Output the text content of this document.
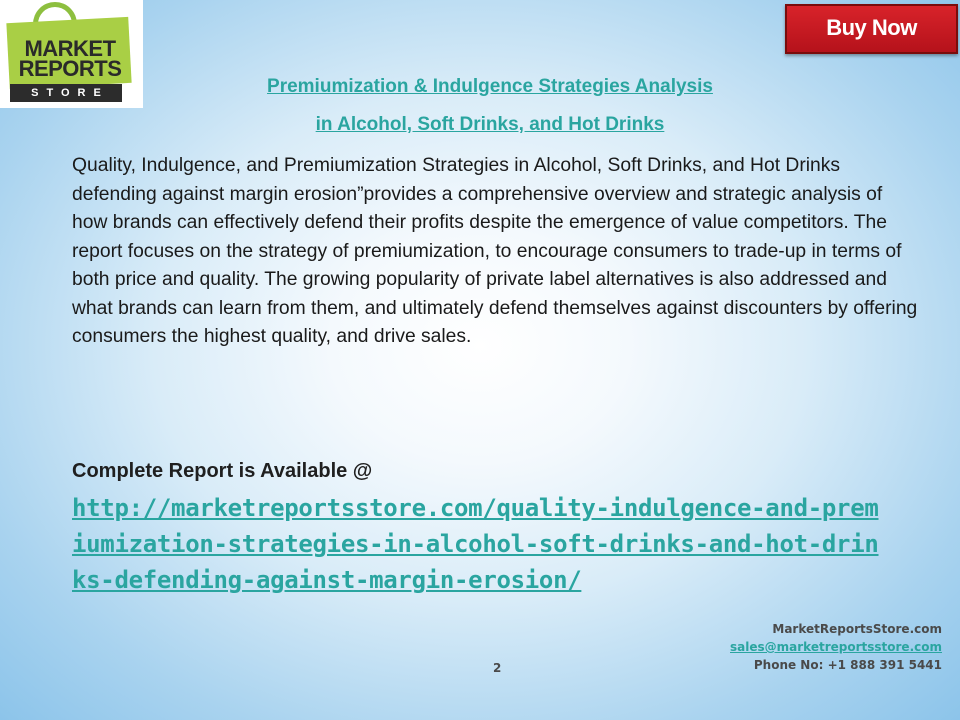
MARKET
REPORTS
STORE
Buy Now
Premiumization & Indulgence Strategies Analysis
in Alcohol, Soft Drinks, and Hot Drinks

Quality, Indulgence, and Premiumization Strategies in Alcohol, Soft Drinks, and Hot Drinks defending against margin erosion”provides a comprehensive overview and strategic analysis of how brands can effectively defend their profits despite the emergence of value competitors. The report focuses on the strategy of premiumization, to encourage consumers to trade-up in terms of both price and quality. The growing popularity of private label alternatives is also addressed and what brands can learn from them, and ultimately defend themselves against discounters by offering consumers the highest quality, and drive sales.

Complete Report is Available @
http://marketreportsstore.com/quality-indulgence-and-premiumization-strategies-in-alcohol-soft-drinks-and-hot-drinks-defending-against-margin-erosion/
MarketReportsStore.com
sales@marketreportsstore.com
Phone No: +1 888 391 5441
2
